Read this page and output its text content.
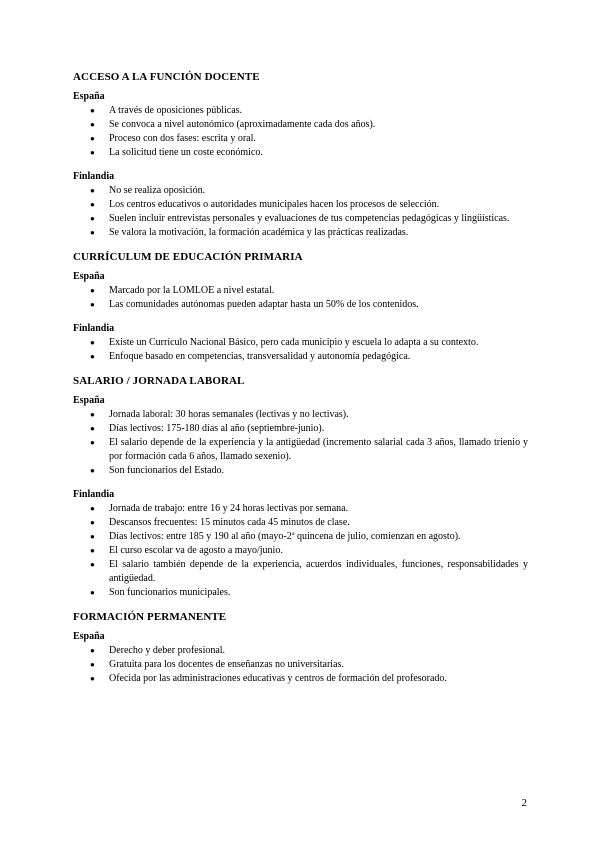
ACCESO A LA FUNCIÓN DOCENTE
España
● A través de oposiciones públicas.
● Se convoca a nivel autonómico (aproximadamente cada dos años).
● Proceso con dos fases: escrita y oral.
● La solicitud tiene un coste económico.
Finlandia
● No se realiza oposición.
● Los centros educativos o autoridades municipales hacen los procesos de selección.
● Suelen incluir entrevistas personales y evaluaciones de tus competencias pedagógicas y lingüísticas.
● Se valora la motivación, la formación académica y las prácticas realizadas.
CURRÍCULUM DE EDUCACIÓN PRIMARIA
España
● Marcado por la LOMLOE a nivel estatal.
● Las comunidades autónomas pueden adaptar hasta un 50% de los contenidos.
Finlandia
● Existe un Currículo Nacional Básico, pero cada municipio y escuela lo adapta a su contexto.
● Enfoque basado en competencias, transversalidad y autonomía pedagógica.
SALARIO / JORNADA LABORAL
España
● Jornada laboral: 30 horas semanales (lectivas y no lectivas).
● Días lectivos: 175-180 días al año (septiembre-junio).
● El salario depende de la experiencia y la antigüedad (incremento salarial cada 3 años, llamado trienio y por formación cada 6 años, llamado sexenio).
● Son funcionarios del Estado.
Finlandia
● Jornada de trabajo: entre 16 y 24 horas lectivas por semana.
● Descansos frecuentes: 15 minutos cada 45 minutos de clase.
● Días lectivos: entre 185 y 190 al año (mayo-2ª quincena de julio, comienzan en agosto).
● El curso escolar va de agosto a mayo/junio.
● El salario también depende de la experiencia, acuerdos individuales, funciones, responsabilidades y antigüedad.
● Son funcionarios municipales.
FORMACIÓN PERMANENTE
España
● Derecho y deber profesional.
● Gratuita para los docentes de enseñanzas no universitarias.
● Ofecida por las administraciones educativas y centros de formación del profesorado.
2
